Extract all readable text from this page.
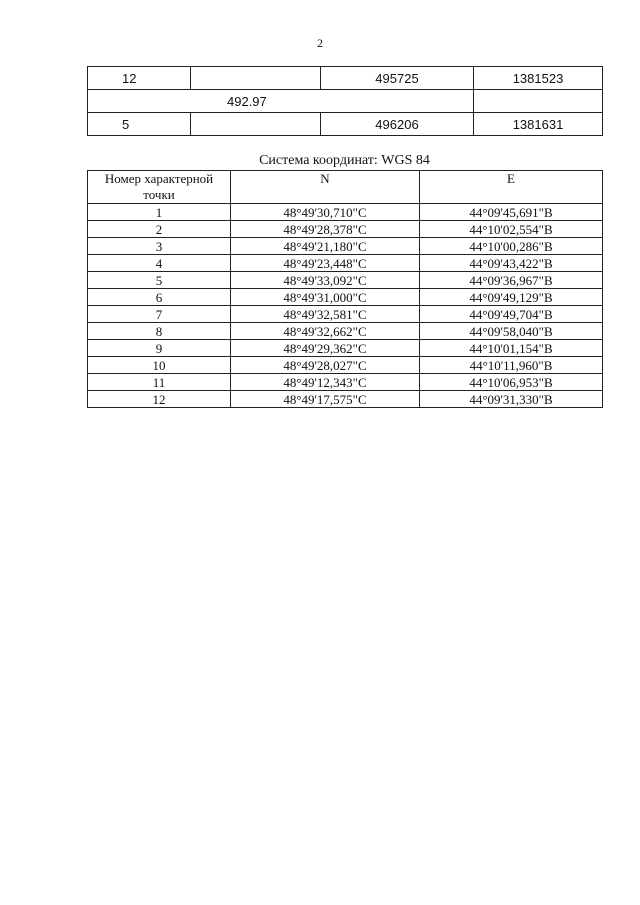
2
12		495725	1381523
492.97			
5		496206	1381631
Система координат: WGS 84
Номер характерной точки	N	E
1	48°49'30,710"С	44°09'45,691"В
2	48°49'28,378"С	44°10'02,554"В
3	48°49'21,180"С	44°10'00,286"В
4	48°49'23,448"С	44°09'43,422"В
5	48°49'33,092"С	44°09'36,967"В
6	48°49'31,000"С	44°09'49,129"В
7	48°49'32,581"С	44°09'49,704"В
8	48°49'32,662"С	44°09'58,040"В
9	48°49'29,362"С	44°10'01,154"В
10	48°49'28,027"С	44°10'11,960"В
11	48°49'12,343"С	44°10'06,953"В
12	48°49'17,575"С	44°09'31,330"В
